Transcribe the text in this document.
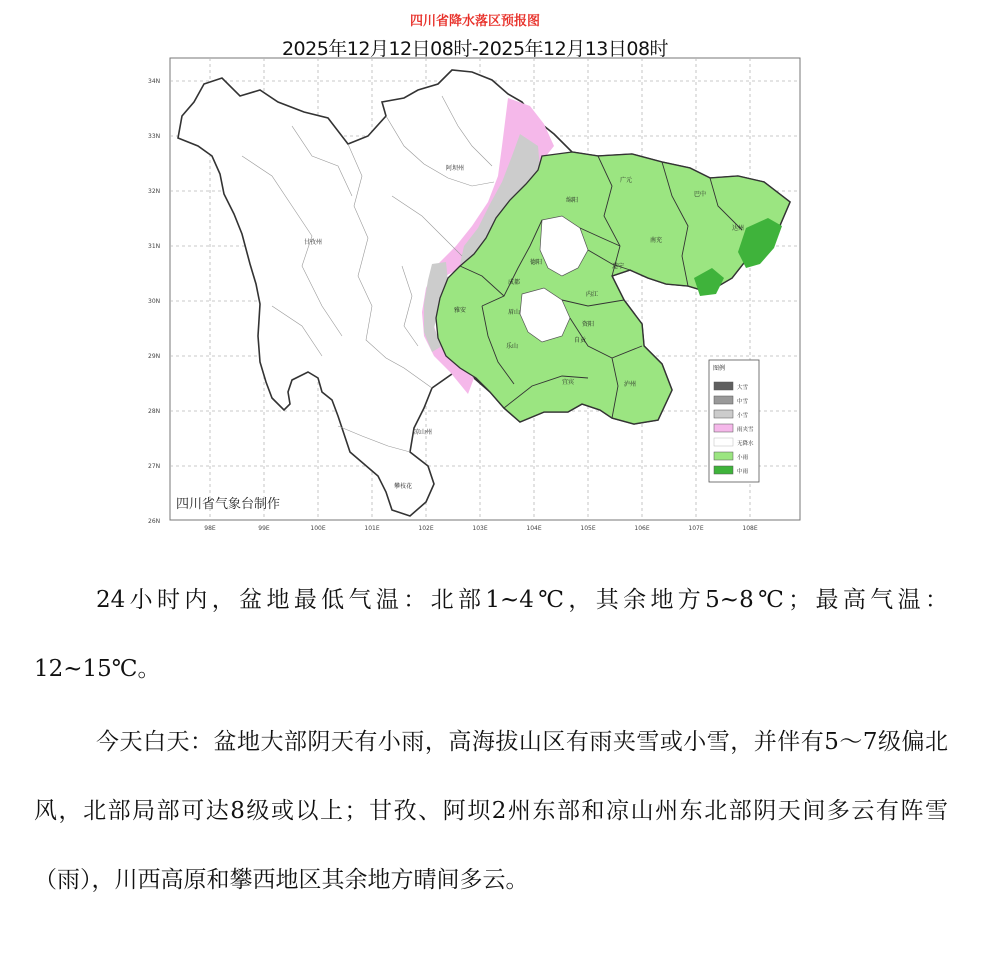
34N
33N
32N
31N
30N
29N
28N
27N
26N
98E	99E	100E	101E	102E	103E	104E	105E	106E	107E	108E
阿坝州
甘孜州
凉山州
攀枝花
绵阳
广元
巴中
达州
南充
遂宁
德阳
成都
雅安
乐山
眉山
宜宾	泸州
自贡
内江
资阳
图例
大雪
中雪
小雪
雨夹雪
无降水
小雨
中雨
四川省气象台制作
四川省降水落区预报图
2025年12月12日08时-2025年12月13日08时

24小时内，盆地最低气温：北部1~4℃，其余地方5~8℃；最高气温：12~15℃。

今天白天：盆地大部阴天有小雨，高海拔山区有雨夹雪或小雪，并伴有5～7级偏北风，北部局部可达8级或以上；甘孜、阿坝2州东部和凉山州东北部阴天间多云有阵雪（雨），川西高原和攀西地区其余地方晴间多云。
